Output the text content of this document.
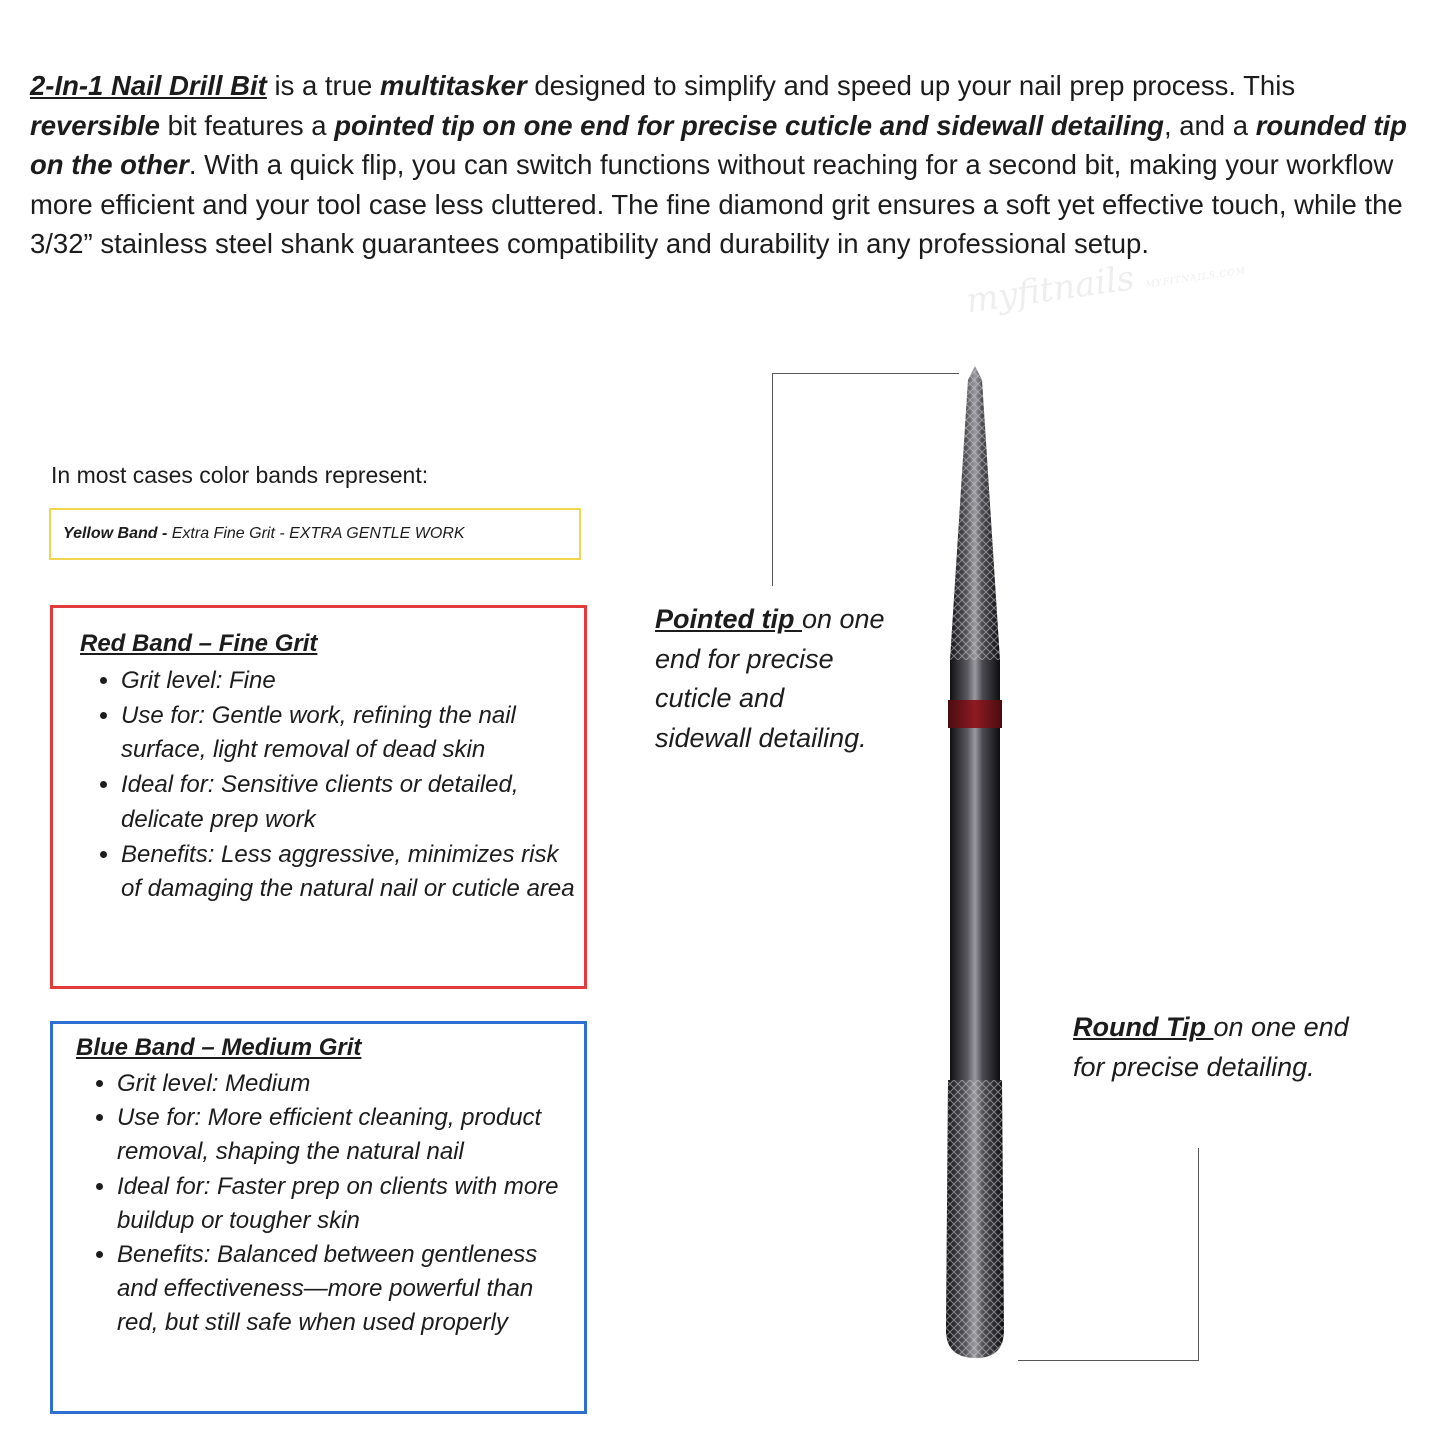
2-In-1 Nail Drill Bit is a true multitasker designed to simplify and speed up your nail prep process. This reversible bit features a pointed tip on one end for precise cuticle and sidewall detailing, and a rounded tip on the other. With a quick flip, you can switch functions without reaching for a second bit, making your workflow more efficient and your tool case less cluttered. The fine diamond grit ensures a soft yet effective touch, while the 3/32” stainless steel shank guarantees compatibility and durability in any professional setup.

myfitnails MYFITNAILS.COM

In most cases color bands represent:

Yellow Band - Extra Fine Grit - EXTRA GENTLE WORK

Red Band – Fine Grit

• Grit level: Fine
• Use for: Gentle work, refining the nail surface, light removal of dead skin
• Ideal for: Sensitive clients or detailed, delicate prep work
• Benefits: Less aggressive, minimizes risk of damaging the natural nail or cuticle area

Blue Band – Medium Grit

• Grit level: Medium
• Use for: More efficient cleaning, product removal, shaping the natural nail
• Ideal for: Faster prep on clients with more buildup or tougher skin
• Benefits: Balanced between gentleness and effectiveness—more powerful than red, but still safe when used properly

Pointed tip on one end for precise cuticle and sidewall detailing.

Round Tip on one end for precise detailing.
